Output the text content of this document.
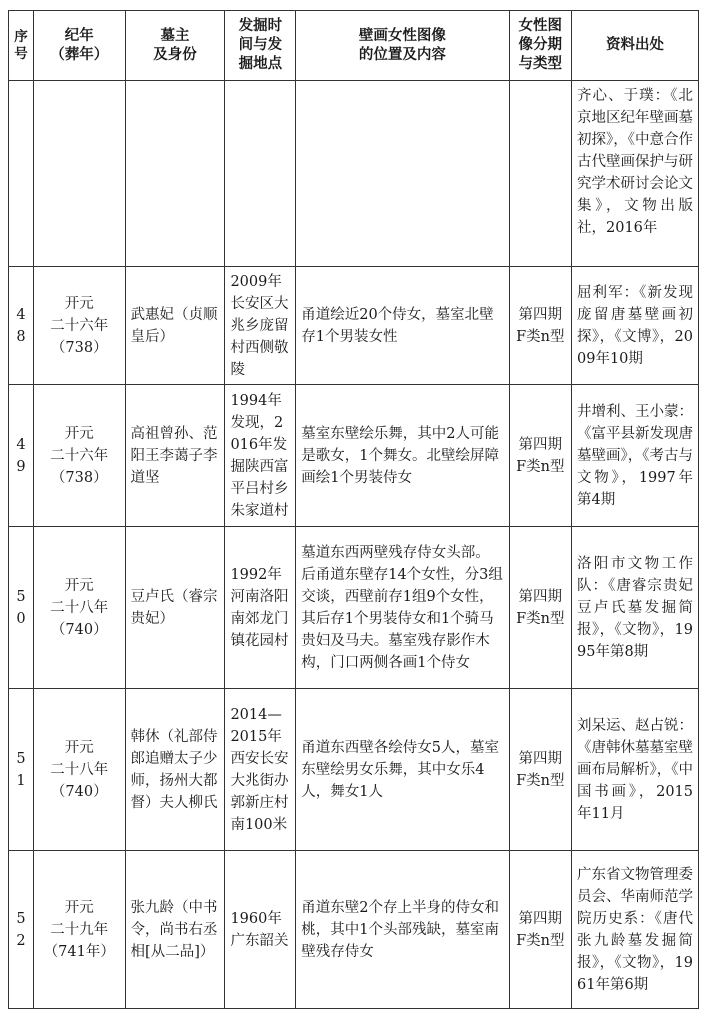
序号	纪年
（葬年）	墓主
及身份	发掘时
间与发
掘地点	壁画女性图像
的位置及内容	女性图
像分期
与类型	资料出处
						齐心、于璞：《北京地区纪年壁画墓初探》，《中意合作古代壁画保护与研究学术研讨会论文集》，文物出版社，2016年
48	开元
二十六年
（738）	武惠妃（贞顺皇后）	2009年长安区大兆乡庞留村西侧敬陵	甬道绘近20个侍女，墓室北壁存1个男装女性	第四期F类n型	屈利军：《新发现庞留唐墓壁画初探》，《文博》，2009年10期
49	开元
二十六年
（738）	高祖曾孙、范阳王李蔼子李道坚	1994年发现，2016年发掘陕西富平吕村乡朱家道村	墓室东壁绘乐舞，其中2人可能是歌女，1个舞女。北壁绘屏障画绘1个男装侍女	第四期F类n型	井增利、王小蒙：《富平县新发现唐墓壁画》，《考古与文物》，1997年第4期
50	开元
二十八年
（740）	豆卢氏（睿宗贵妃）	1992年河南洛阳南郊龙门镇花园村	墓道东西两壁残存侍女头部。后甬道东壁存14个女性，分3组交谈，西壁前存1组9个女性，其后存1个男装侍女和1个骑马贵妇及马夫。墓室残存影作木构，门口两侧各画1个侍女	第四期F类n型	洛阳市文物工作队：《唐睿宗贵妃豆卢氏墓发掘简报》，《文物》，1995年第8期
51	开元
二十八年
（740）	韩休（礼部侍郎追赠太子少师，扬州大都督）夫人柳氏	2014—2015年西安长安大兆街办郭新庄村南100米	甬道东西壁各绘侍女5人，墓室东壁绘男女乐舞，其中女乐4人，舞女1人	第四期F类n型	刘呆运、赵占锐：《唐韩休墓墓室壁画布局解析》，《中国书画》，2015年11月
52	开元
二十九年
（741年）	张九龄（中书令，尚书右丞相[从二品]）	1960年广东韶关	甬道东壁2个存上半身的侍女和桃，其中1个头部残缺，墓室南壁残存侍女	第四期F类n型	广东省文物管理委员会、华南师范学院历史系：《唐代张九龄墓发掘简报》，《文物》，1961年第6期
